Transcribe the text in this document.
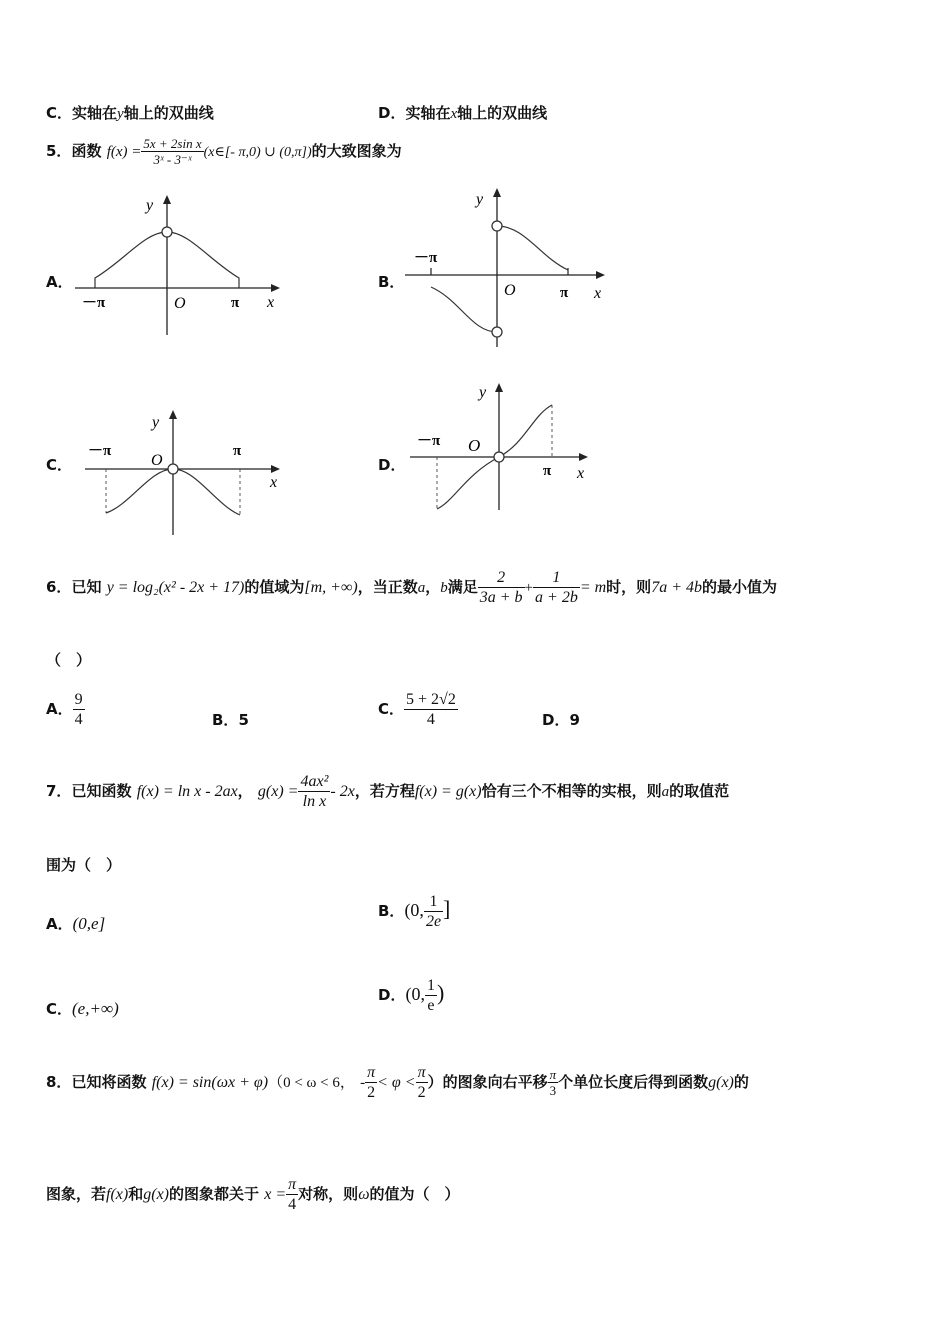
C．实轴在y轴上的双曲线	D．实轴在x轴上的双曲线
5．函数 $f(x) = \frac{\text{5x + 2sin x}}{\text{3ˣ - 3⁻ˣ}}$ (x∈[- π,0) ∪ (0,π])的大致图象为
A．	B．
C．	D．
y
x
O
－π	π
y
x
O
－π
π
y
x
O
－π	π
y
x
O
－π
π
6．已知 y = log₂(x² - 2x + 17)的值域为[m, +∞)，当正数a，b满足 $\frac{2}{3a + b} + \frac{1}{a + 2b} = m$时，则7a + 4b的最小值为
（　）
A． $\frac{9}{4}$	B．5
C． $\frac{5 + 2√2}{4}$	D．9
7．已知函数 f(x) = ln x - 2ax， $g(x) = \frac{\text{4ax²}}{\text{ln x}} - 2x$，若方程f(x) = g(x)恰有三个不相等的实根，则a的取值范
围为（　）
A．(0,e]
B．(0, $\frac{1}{2e}$ ]
C．(e,+∞)
D．(0, $\frac{1}{e}$ )
8．已知将函数 f(x) = sin(ωx + φ)（0 < ω < 6， - $\frac{\pi}{2} < \varphi < \frac{\pi}{2}$ ）的图象向右平移 $\frac{\pi}{3}$ 个单位长度后得到函数g(x)的
图象，若f(x)和g(x)的图象都关于 $x = \frac{\pi}{4}$ 对称，则ω的值为（　）
